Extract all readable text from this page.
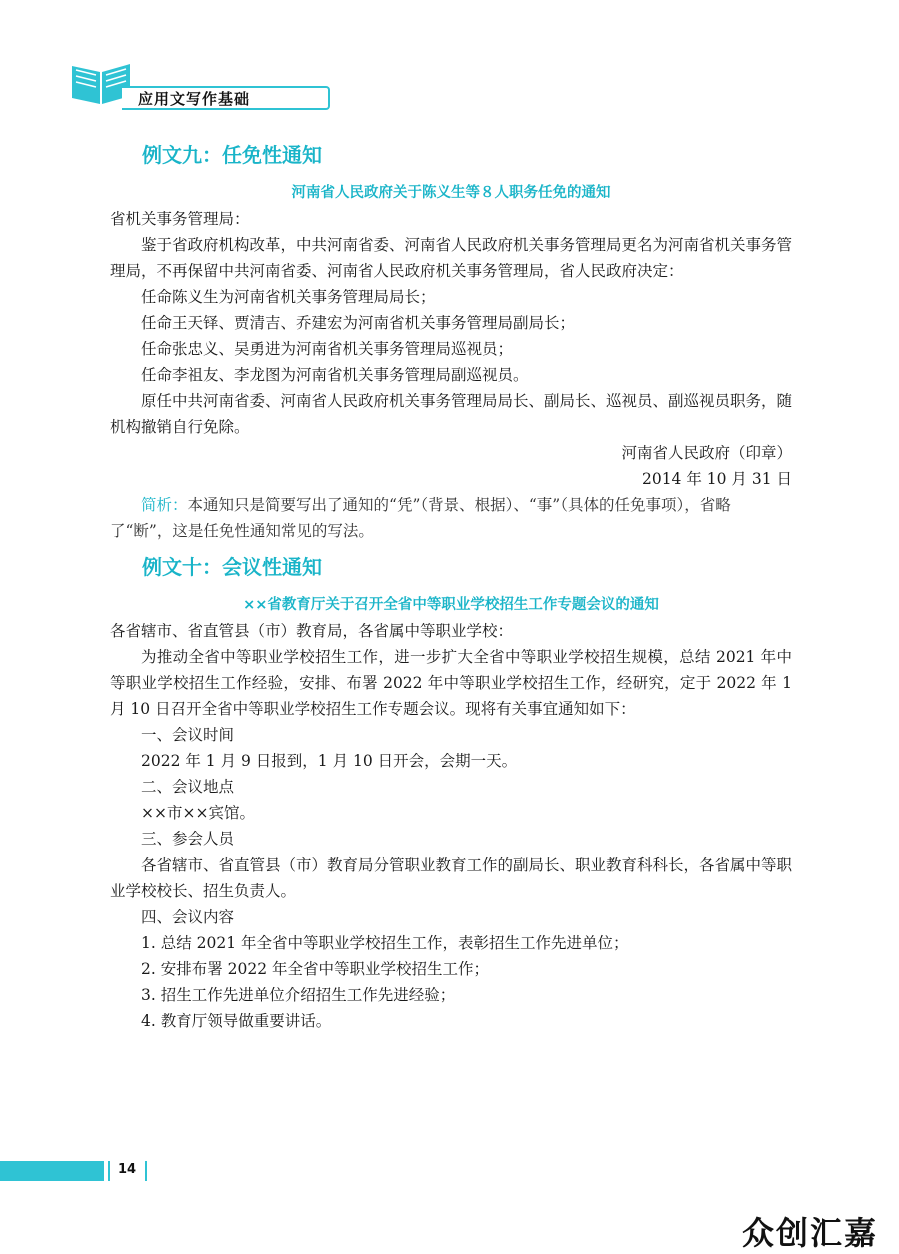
应用文写作基础
例文九：任免性通知

河南省人民政府关于陈义生等８人职务任免的通知

省机关事务管理局：

鉴于省政府机构改革，中共河南省委、河南省人民政府机关事务管理局更名为河南省机关事务管理局，不再保留中共河南省委、河南省人民政府机关事务管理局，省人民政府决定：

任命陈义生为河南省机关事务管理局局长；

任命王天铎、贾清吉、乔建宏为河南省机关事务管理局副局长；

任命张忠义、吴勇进为河南省机关事务管理局巡视员；

任命李祖友、李龙图为河南省机关事务管理局副巡视员。

原任中共河南省委、河南省人民政府机关事务管理局局长、副局长、巡视员、副巡视员职务，随机构撤销自行免除。

河南省人民政府（印章）

2014 年 10 月 31 日

简析：本通知只是简要写出了通知的“凭”（背景、根据）、“事”（具体的任免事项），省略了“断”，这是任免性通知常见的写法。

例文十：会议性通知

××省教育厅关于召开全省中等职业学校招生工作专题会议的通知

各省辖市、省直管县（市）教育局，各省属中等职业学校：

为推动全省中等职业学校招生工作，进一步扩大全省中等职业学校招生规模，总结 2021 年中等职业学校招生工作经验，安排、布署 2022 年中等职业学校招生工作，经研究，定于 2022 年 1 月 10 日召开全省中等职业学校招生工作专题会议。现将有关事宜通知如下：

一、会议时间

2022 年 1 月 9 日报到，1 月 10 日开会，会期一天。

二、会议地点

××市××宾馆。

三、参会人员

各省辖市、省直管县（市）教育局分管职业教育工作的副局长、职业教育科科长，各省属中等职业学校校长、招生负责人。

四、会议内容

1. 总结 2021 年全省中等职业学校招生工作，表彰招生工作先进单位；

2. 安排布署 2022 年全省中等职业学校招生工作；

3. 招生工作先进单位介绍招生工作先进经验；

4. 教育厅领导做重要讲话。

14
众创汇嘉
